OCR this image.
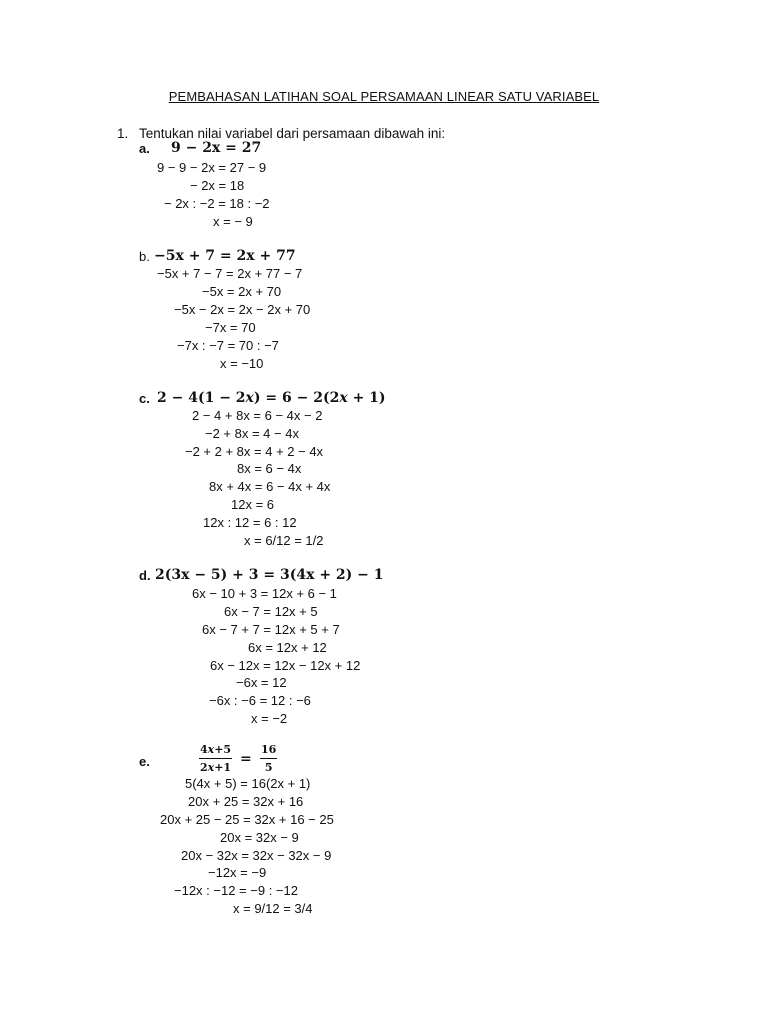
PEMBAHASAN LATIHAN SOAL PERSAMAAN LINEAR SATU VARIABEL
1. Tentukan nilai variabel dari persamaan dibawah ini:
a. 9 − 2x = 27
9 − 9 − 2x = 27 − 9
− 2x = 18
− 2x : −2 = 18 : −2
x = − 9
b. −5x + 7 = 2x + 77
−5x + 7 − 7 = 2x + 77 − 7
−5x = 2x + 70
−5x − 2x = 2x − 2x + 70
−7x = 70
−7x : −7 = 70 : −7
x = −10
c. 2 − 4(1 − 2x) = 6 − 2(2x + 1)
2 − 4 + 8x = 6 − 4x − 2
−2 + 8x = 4 − 4x
−2 + 2 + 8x = 4 + 2 − 4x
8x = 6 − 4x
8x + 4x = 6 − 4x + 4x
12x = 6
12x : 12 = 6 : 12
x = 6/12 = 1/2
d. 2(3x − 5) + 3 = 3(4x + 2) − 1
6x − 10 + 3 = 12x + 6 − 1
6x − 7 = 12x + 5
6x − 7 + 7 = 12x + 5 + 7
6x = 12x + 12
6x − 12x = 12x − 12x + 12
−6x = 12
−6x : −6 = 12 : −6
x = −2
e.	$\frac{4x+5}{2x+1} = \frac{16}{5}$
5(4x + 5) = 16(2x + 1)
20x + 25 = 32x + 16
20x + 25 − 25 = 32x + 16 − 25
20x = 32x − 9
20x − 32x = 32x − 32x − 9
−12x = −9
−12x : −12 = −9 : −12
x = 9/12 = 3/4
